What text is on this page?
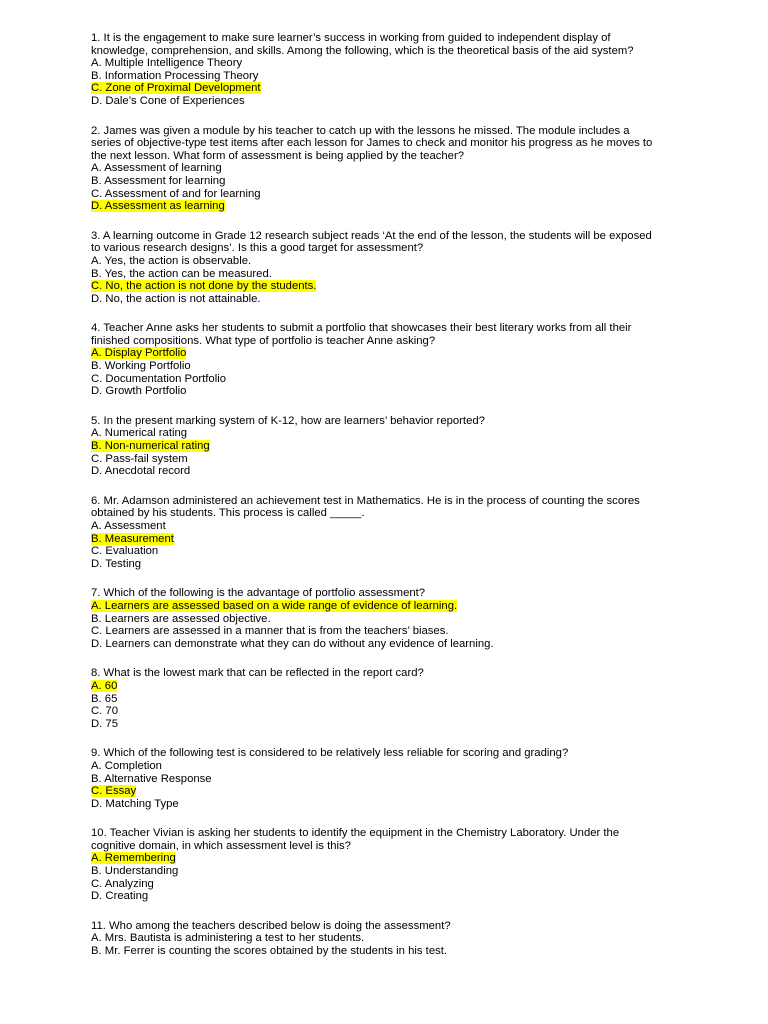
1. It is the engagement to make sure learner’s success in working from guided to independent display of
knowledge, comprehension, and skills. Among the following, which is the theoretical basis of the aid system?
A. Multiple Intelligence Theory
B. Information Processing Theory
C. Zone of Proximal Development
D. Dale’s Cone of Experiences
2. James was given a module by his teacher to catch up with the lessons he missed. The module includes a
series of objective-type test items after each lesson for James to check and monitor his progress as he moves to
the next lesson. What form of assessment is being applied by the teacher?
A. Assessment of learning
B. Assessment for learning
C. Assessment of and for learning
D. Assessment as learning
3. A learning outcome in Grade 12 research subject reads ‘At the end of the lesson, the students will be exposed
to various research designs’. Is this a good target for assessment?
A. Yes, the action is observable.
B. Yes, the action can be measured.
C. No, the action is not done by the students.
D. No, the action is not attainable.
4. Teacher Anne asks her students to submit a portfolio that showcases their best literary works from all their
finished compositions. What type of portfolio is teacher Anne asking?
A. Display Portfolio
B. Working Portfolio
C. Documentation Portfolio
D. Growth Portfolio
5. In the present marking system of K-12, how are learners’ behavior reported?
A. Numerical rating
B. Non-numerical rating
C. Pass-fail system
D. Anecdotal record
6. Mr. Adamson administered an achievement test in Mathematics. He is in the process of counting the scores
obtained by his students. This process is called _____.
A. Assessment
B. Measurement
C. Evaluation
D. Testing
7. Which of the following is the advantage of portfolio assessment?
A. Learners are assessed based on a wide range of evidence of learning.
B. Learners are assessed objective.
C. Learners are assessed in a manner that is from the teachers’ biases.
D. Learners can demonstrate what they can do without any evidence of learning.
8. What is the lowest mark that can be reflected in the report card?
A. 60
B. 65
C. 70
D. 75
9. Which of the following test is considered to be relatively less reliable for scoring and grading?
A. Completion
B. Alternative Response
C. Essay
D. Matching Type
10. Teacher Vivian is asking her students to identify the equipment in the Chemistry Laboratory. Under the
cognitive domain, in which assessment level is this?
A. Remembering
B. Understanding
C. Analyzing
D. Creating
11. Who among the teachers described below is doing the assessment?
A. Mrs. Bautista is administering a test to her students.
B. Mr. Ferrer is counting the scores obtained by the students in his test.
